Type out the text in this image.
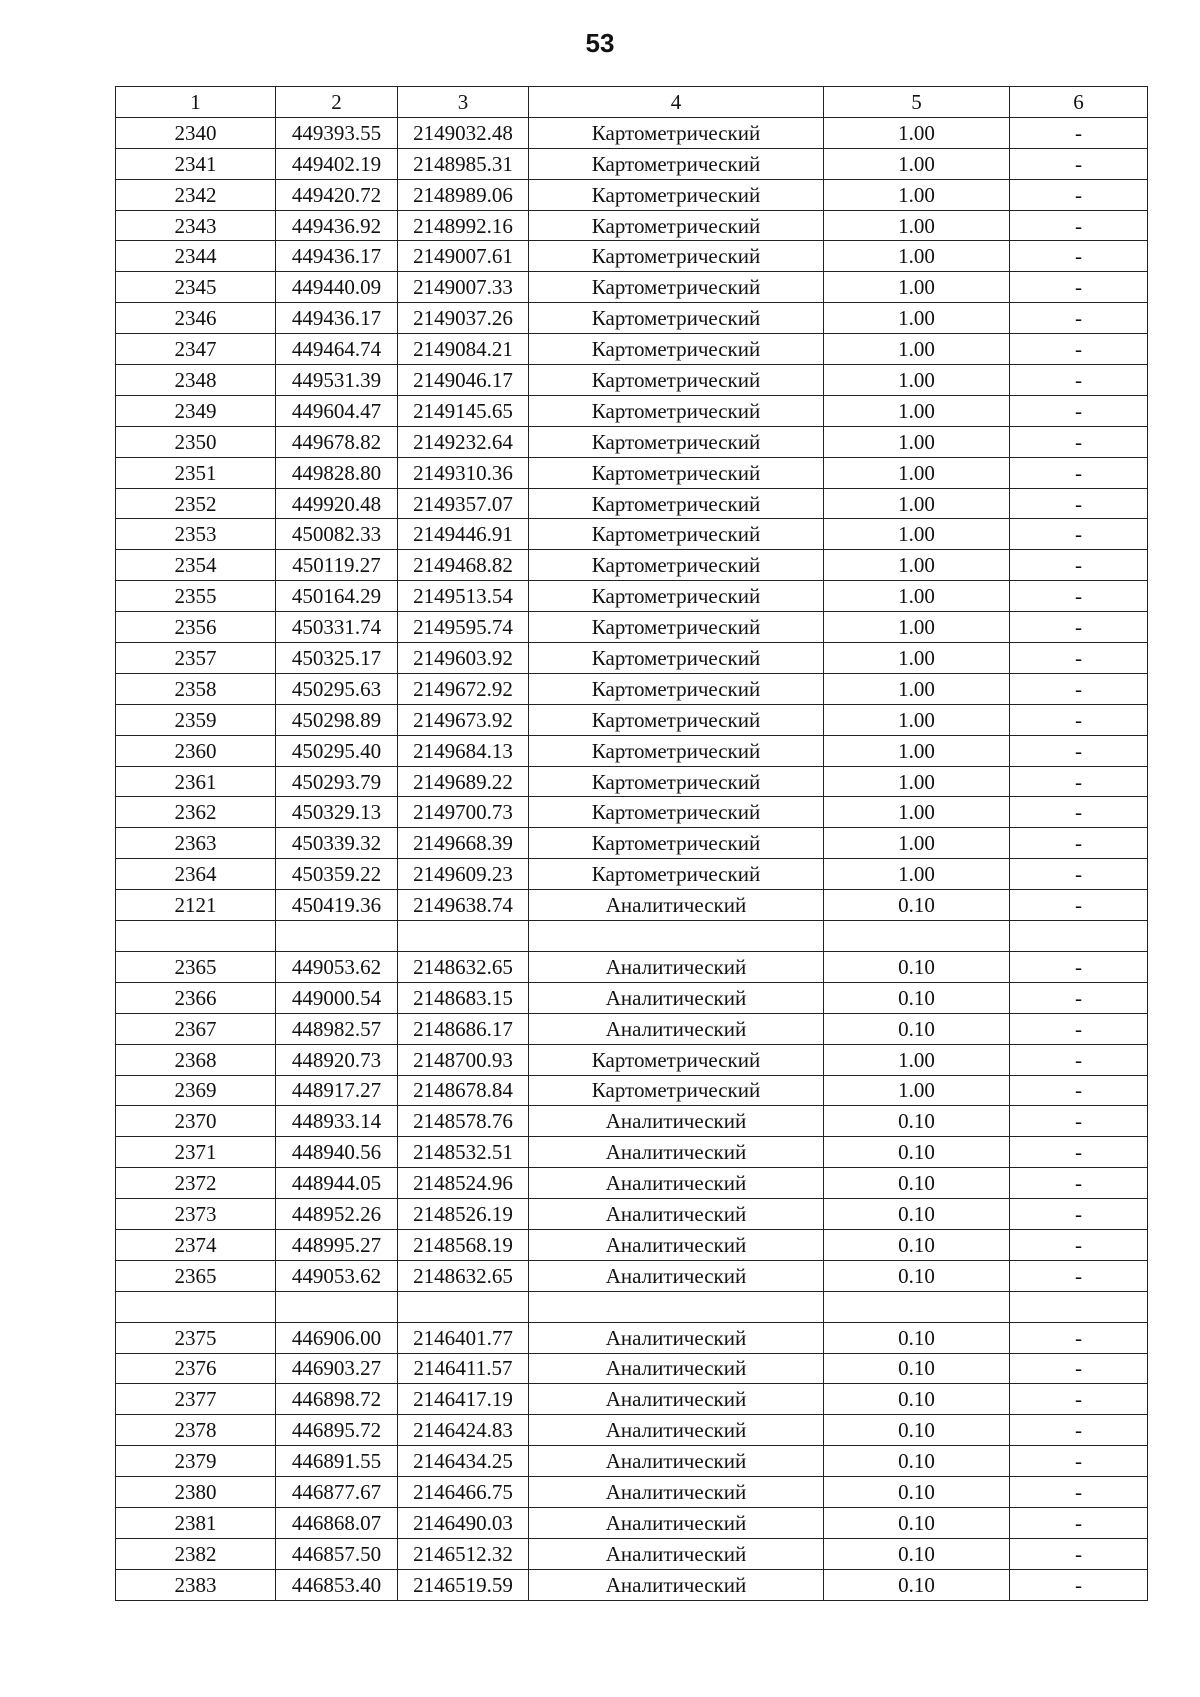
53
1	2	3	4	5	6
2340	449393.55	2149032.48	Картометрический	1.00	-
2341	449402.19	2148985.31	Картометрический	1.00	-
2342	449420.72	2148989.06	Картометрический	1.00	-
2343	449436.92	2148992.16	Картометрический	1.00	-
2344	449436.17	2149007.61	Картометрический	1.00	-
2345	449440.09	2149007.33	Картометрический	1.00	-
2346	449436.17	2149037.26	Картометрический	1.00	-
2347	449464.74	2149084.21	Картометрический	1.00	-
2348	449531.39	2149046.17	Картометрический	1.00	-
2349	449604.47	2149145.65	Картометрический	1.00	-
2350	449678.82	2149232.64	Картометрический	1.00	-
2351	449828.80	2149310.36	Картометрический	1.00	-
2352	449920.48	2149357.07	Картометрический	1.00	-
2353	450082.33	2149446.91	Картометрический	1.00	-
2354	450119.27	2149468.82	Картометрический	1.00	-
2355	450164.29	2149513.54	Картометрический	1.00	-
2356	450331.74	2149595.74	Картометрический	1.00	-
2357	450325.17	2149603.92	Картометрический	1.00	-
2358	450295.63	2149672.92	Картометрический	1.00	-
2359	450298.89	2149673.92	Картометрический	1.00	-
2360	450295.40	2149684.13	Картометрический	1.00	-
2361	450293.79	2149689.22	Картометрический	1.00	-
2362	450329.13	2149700.73	Картометрический	1.00	-
2363	450339.32	2149668.39	Картометрический	1.00	-
2364	450359.22	2149609.23	Картометрический	1.00	-
2121	450419.36	2149638.74	Аналитический	0.10	-

2365	449053.62	2148632.65	Аналитический	0.10	-
2366	449000.54	2148683.15	Аналитический	0.10	-
2367	448982.57	2148686.17	Аналитический	0.10	-
2368	448920.73	2148700.93	Картометрический	1.00	-
2369	448917.27	2148678.84	Картометрический	1.00	-
2370	448933.14	2148578.76	Аналитический	0.10	-
2371	448940.56	2148532.51	Аналитический	0.10	-
2372	448944.05	2148524.96	Аналитический	0.10	-
2373	448952.26	2148526.19	Аналитический	0.10	-
2374	448995.27	2148568.19	Аналитический	0.10	-
2365	449053.62	2148632.65	Аналитический	0.10	-

2375	446906.00	2146401.77	Аналитический	0.10	-
2376	446903.27	2146411.57	Аналитический	0.10	-
2377	446898.72	2146417.19	Аналитический	0.10	-
2378	446895.72	2146424.83	Аналитический	0.10	-
2379	446891.55	2146434.25	Аналитический	0.10	-
2380	446877.67	2146466.75	Аналитический	0.10	-
2381	446868.07	2146490.03	Аналитический	0.10	-
2382	446857.50	2146512.32	Аналитический	0.10	-
2383	446853.40	2146519.59	Аналитический	0.10	-
